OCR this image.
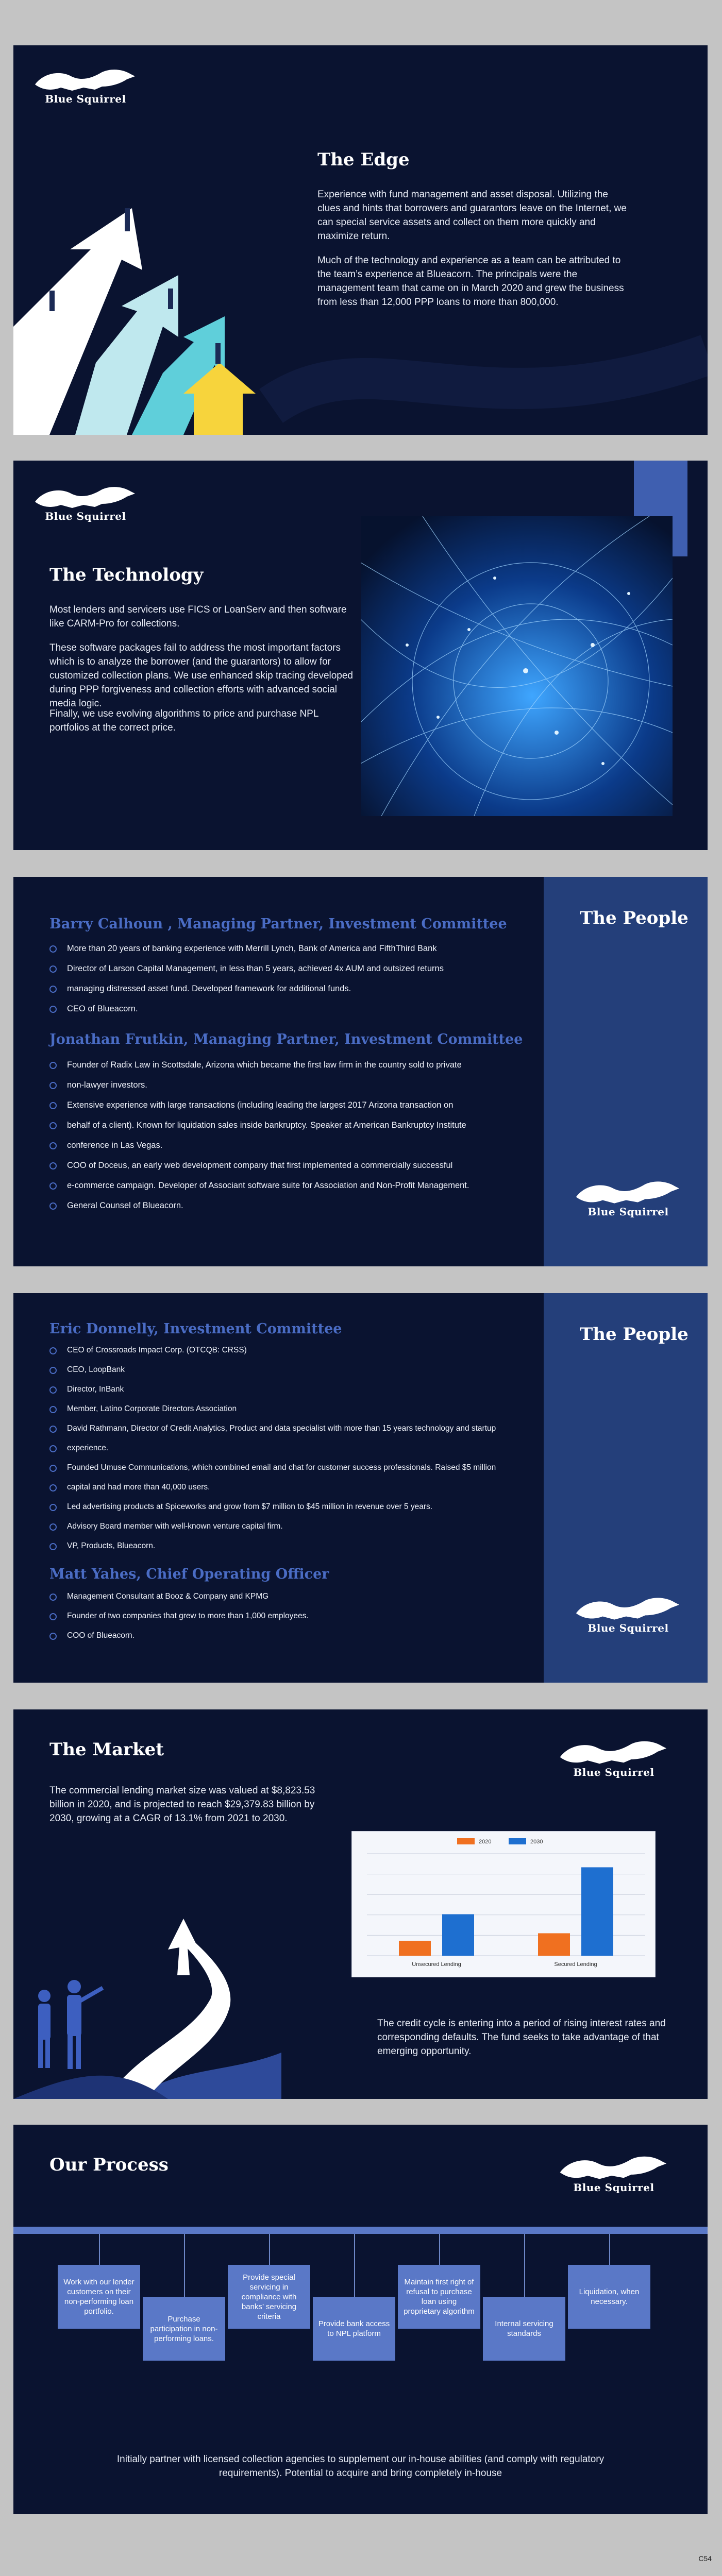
Blue Squirrel
The Edge

Experience with fund management and asset disposal. Utilizing the clues and hints that borrowers and guarantors leave on the Internet, we can special service assets and collect on them more quickly and maximize return.

Much of the technology and experience as a team can be attributed to the team’s experience at Blueacorn. The principals were the management team that came on in March 2020 and grew the business from less than 12,000 PPP loans to more than 800,000.

Blue Squirrel
The Technology

Most lenders and servicers use FICS or LoanServ and then software like CARM-Pro for collections.

These software packages fail to address the most important factors which is to analyze the borrower (and the guarantors) to allow for customized collection plans. We use enhanced skip tracing developed during PPP forgiveness and collection efforts with advanced social media logic.

Finally, we use evolving algorithms to price and purchase NPL portfolios at the correct price.

The People
Blue Squirrel
Barry Calhoun , Managing Partner, Investment Committee
More than 20 years of banking experience with Merrill Lynch, Bank of America and FifthThird Bank
Director of Larson Capital Management, in less than 5 years, achieved 4x AUM and outsized returns
managing distressed asset fund. Developed framework for additional funds.
CEO of Blueacorn.
Jonathan Frutkin, Managing Partner, Investment Committee
Founder of Radix Law in Scottsdale, Arizona which became the first law firm in the country sold to private
non-lawyer investors.
Extensive experience with large transactions (including leading the largest 2017 Arizona transaction on
behalf of a client). Known for liquidation sales inside bankruptcy. Speaker at American Bankruptcy Institute
conference in Las Vegas.
COO of Doceus, an early web development company that first implemented a commercially successful
e-commerce campaign. Developer of Associant software suite for Association and Non-Profit Management.
General Counsel of Blueacorn.
The People
Blue Squirrel
Eric Donnelly, Investment Committee
CEO of Crossroads Impact Corp. (OTCQB: CRSS)
CEO, LoopBank
Director, InBank
Member, Latino Corporate Directors Association
David Rathmann, Director of Credit Analytics, Product and data specialist with more than 15 years technology and startup
experience.
Founded Umuse Communications, which combined email and chat for customer success professionals. Raised $5 million
capital and had more than 40,000 users.
Led advertising products at Spiceworks and grow from $7 million to $45 million in revenue over 5 years.
Advisory Board member with well-known venture capital firm.
VP, Products, Blueacorn.
Matt Yahes, Chief Operating Officer
Management Consultant at Booz & Company and KPMG
Founder of two companies that grew to more than 1,000 employees.
COO of Blueacorn.
The Market
Blue Squirrel

The commercial lending market size was valued at $8,823.53 billion in 2020, and is projected to reach $29,379.83 billion by 2030, growing at a CAGR of 13.1% from 2021 to 2030.

2020	2030
Unsecured Lending	Secured Lending

The credit cycle is entering into a period of rising interest rates and corresponding defaults. The fund seeks to take advantage of that emerging opportunity.

Our Process
Blue Squirrel
Work with our lender customers on their non-performing loan portfolio.
Purchase participation in non-performing loans.
Provide special servicing in compliance with banks’ servicing criteria
Provide bank access to NPL platform
Maintain first right of refusal to purchase loan using proprietary algorithm
Internal servicing standards
Liquidation, when necessary.

Initially partner with licensed collection agencies to supplement our in-house abilities (and comply with regulatory requirements). Potential to acquire and bring completely in-house

C54
